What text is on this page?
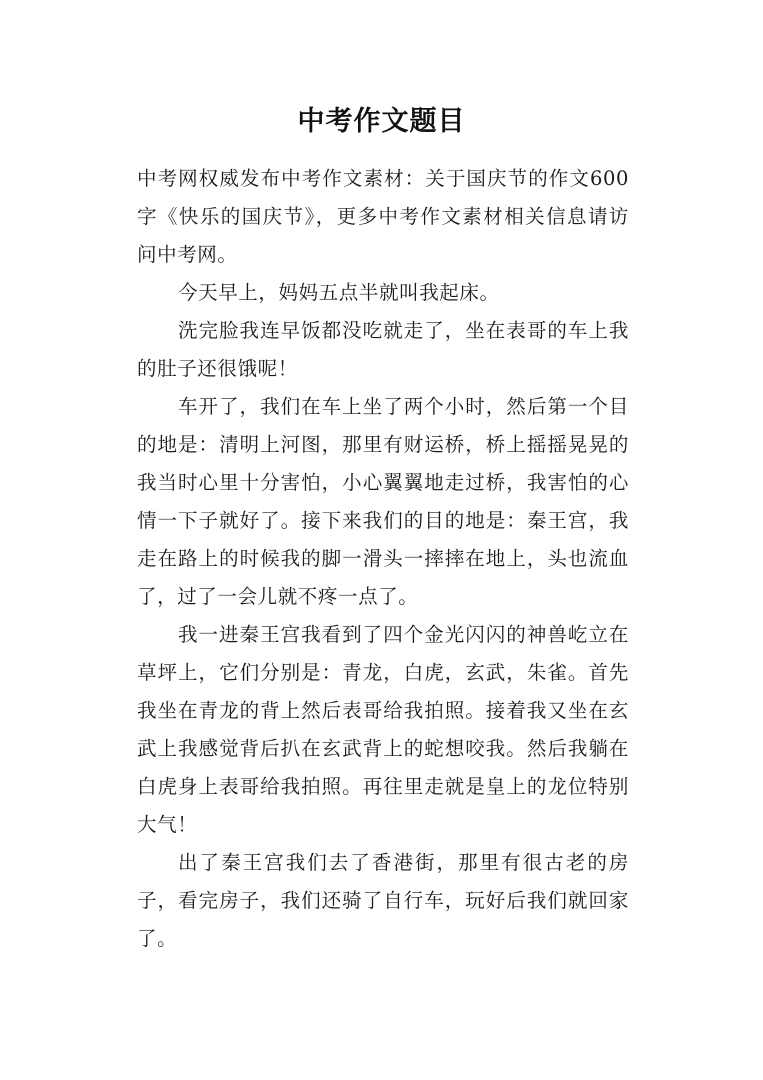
中考作文题目

中考网权威发布中考作文素材：关于国庆节的作文600字《快乐的国庆节》，更多中考作文素材相关信息请访问中考网。

今天早上，妈妈五点半就叫我起床。

洗完脸我连早饭都没吃就走了，坐在表哥的车上我的肚子还很饿呢！

车开了，我们在车上坐了两个小时，然后第一个目的地是：清明上河图，那里有财运桥，桥上摇摇晃晃的我当时心里十分害怕，小心翼翼地走过桥，我害怕的心情一下子就好了。接下来我们的目的地是：秦王宫，我走在路上的时候我的脚一滑头一摔摔在地上，头也流血了，过了一会儿就不疼一点了。

我一进秦王宫我看到了四个金光闪闪的神兽屹立在草坪上，它们分别是：青龙，白虎，玄武，朱雀。首先我坐在青龙的背上然后表哥给我拍照。接着我又坐在玄武上我感觉背后扒在玄武背上的蛇想咬我。然后我躺在白虎身上表哥给我拍照。再往里走就是皇上的龙位特别大气！

出了秦王宫我们去了香港街，那里有很古老的房子，看完房子，我们还骑了自行车，玩好后我们就回家了。
